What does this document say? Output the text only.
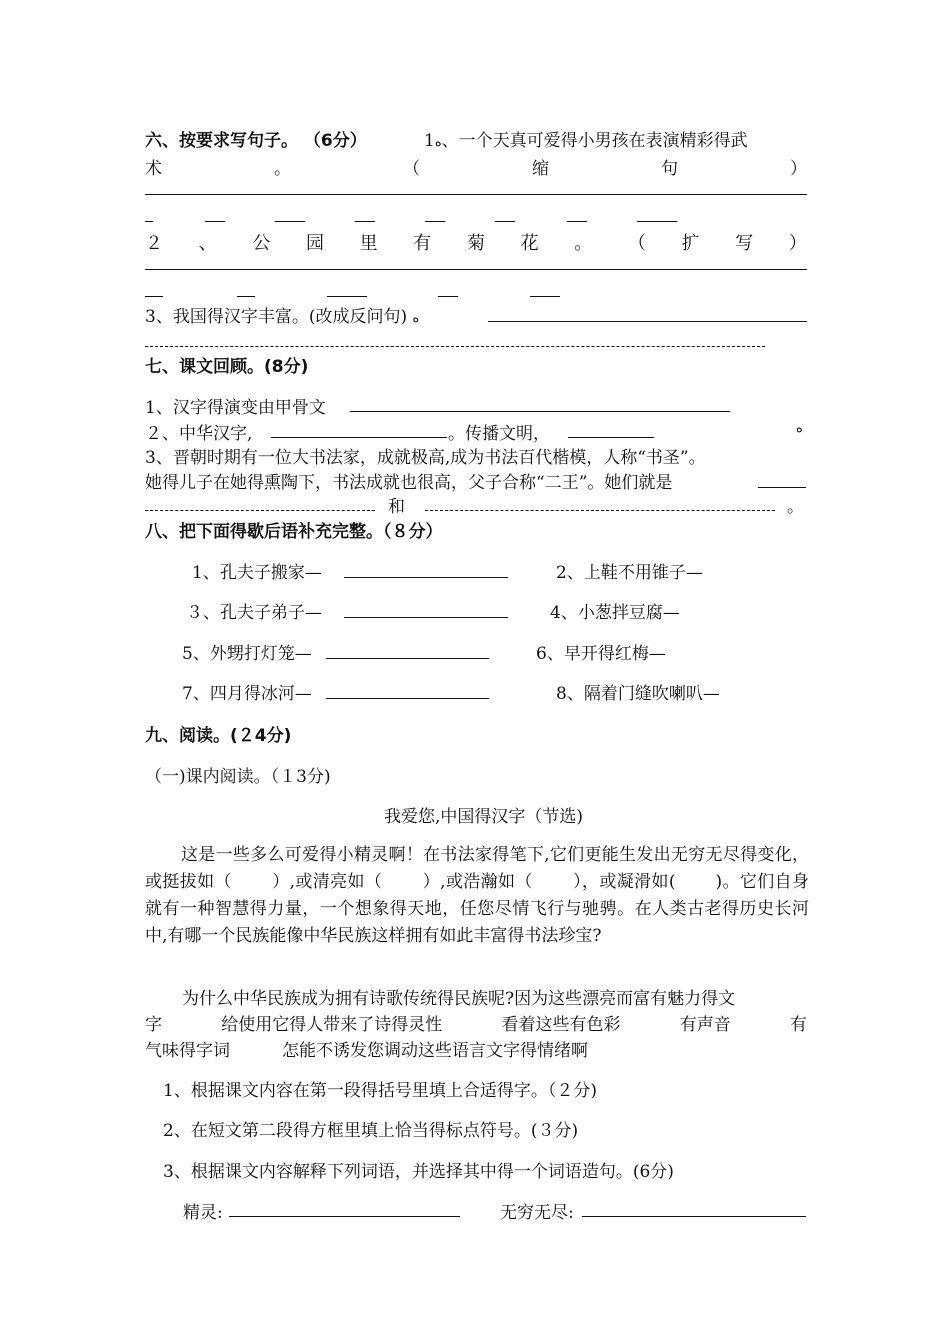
六、按要求写句子。 （6分）	1ﻩ、一个天真可爱得小男孩在表演精彩得武
术	。	（	缩	句	）
２ 、 公 园 里 有 菊 花 。 （ 扩 写 ）
3、我国得汉字丰富。(改成反问句) ﻩ
七、课文回顾。(8分)
1、汉字得演变由甲骨文
２、中华汉字,	。传播文明，	ﻩ
3、晋朝时期有一位大书法家，成就极高,成为书法百代楷模，人称“书圣”。
她得儿子在她得熏陶下，书法成就也很高，父子合称“二王”。她们就是
和	。
八、把下面得歇后语补充完整。（８分）
1、孔夫子搬家—	2、上鞋不用锥子—
３、孔夫子弟子—	4、小葱拌豆腐—
5、外甥打灯笼—	6、早开得红梅—
7、四月得冰河—	8、隔着门缝吹喇叭—
九、阅读。(２4分)
（一)课内阅读。（１3分)
我爱您,中国得汉字（节选)

这是一些多么可爱得小精灵啊！在书法家得笔下,它们更能生发出无穷无尽得变化，或挺拔如（ ）,或清亮如（ ）,或浩瀚如（ ），或凝滑如( )。它们自身就有一种智慧得力量，一个想象得天地，任您尽情飞行与驰骋。在人类古老得历史长河中,有哪一个民族能像中华民族这样拥有如此丰富得书法珍宝?

为什么中华民族成为拥有诗歌传统得民族呢?因为这些漂亮而富有魅力得文
字	给使用它得人带来了诗得灵性	看着这些有色彩	有声音	有
气味得字词	怎能不诱发您调动这些语言文字得情绪啊
1、根据课文内容在第一段得括号里填上合适得字。（２分)
2、在短文第二段得方框里填上恰当得标点符号。(３分)
3、根据课文内容解释下列词语，并选择其中得一个词语造句。(6分)
精灵:	无穷无尽:
